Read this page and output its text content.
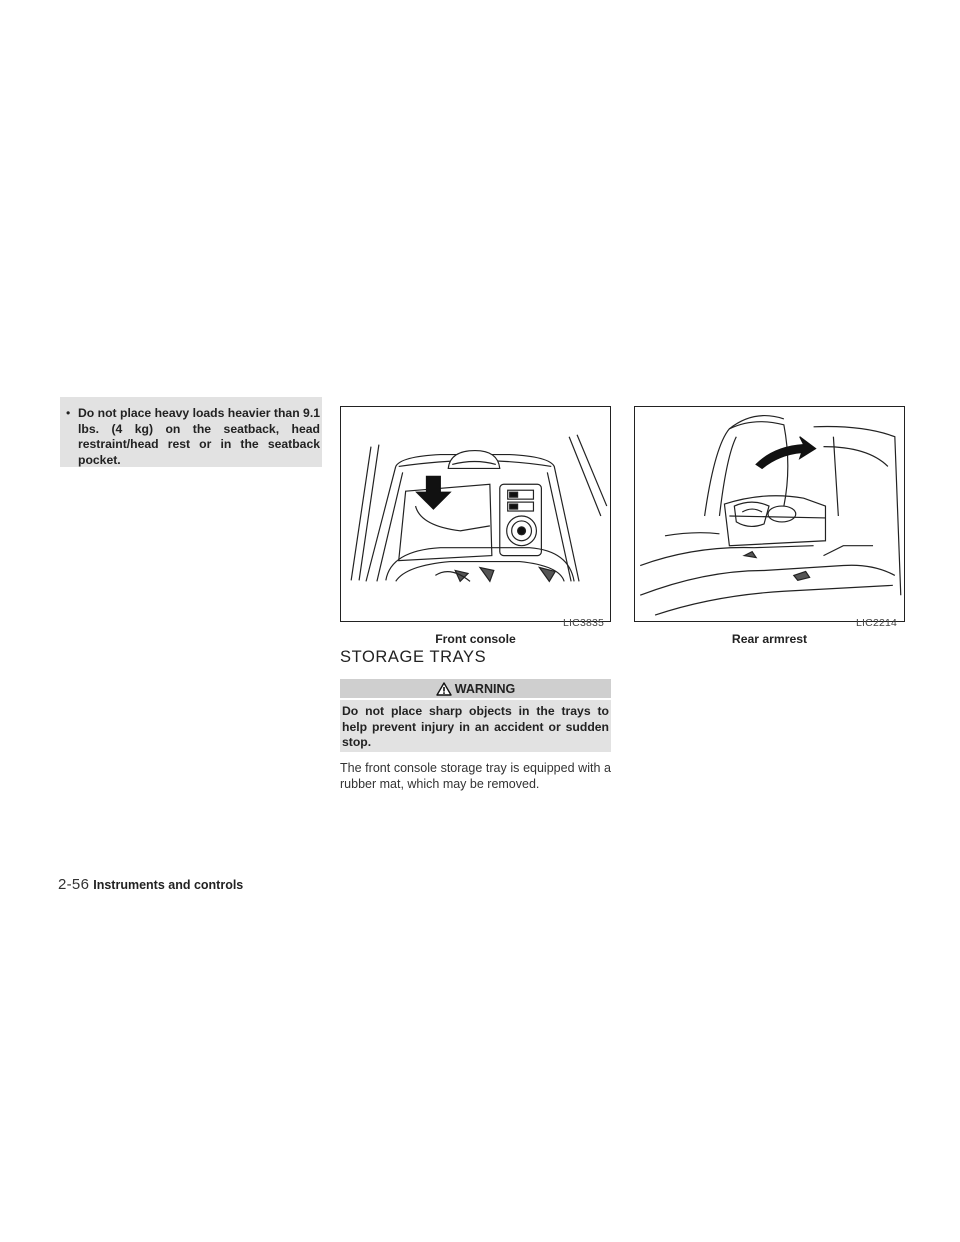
• Do not place heavy loads heavier than 9.1 lbs. (4 kg) on the seatback, head restraint/head rest or in the seatback pocket.
LIC3835
Front console
LIC2214
Rear armrest
STORAGE TRAYS
WARNING
Do not place sharp objects in the trays to help prevent injury in an accident or sudden stop.
The front console storage tray is equipped with a rubber mat, which may be removed.
2-56 Instruments and controls
